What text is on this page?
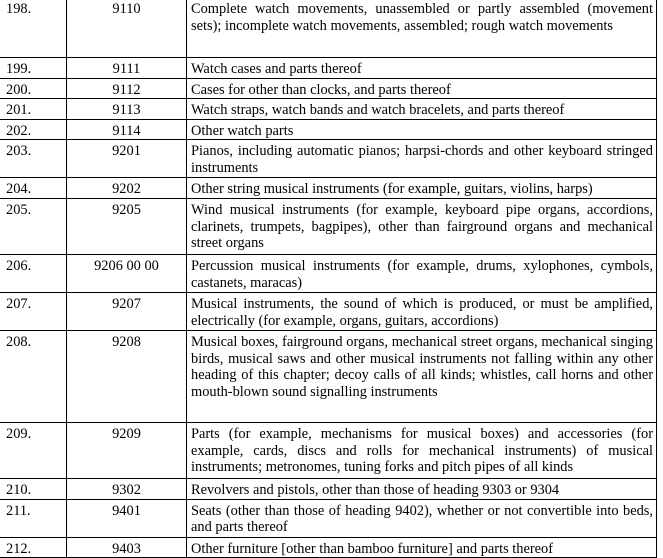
198.	9110	Complete watch movements, unassembled or partly assembled (movement sets); incomplete watch movements, assembled; rough watch movements
199.	9111	Watch cases and parts thereof
200.	9112	Cases for other than clocks, and parts thereof
201.	9113	Watch straps, watch bands and watch bracelets, and parts thereof
202.	9114	Other watch parts
203.	9201	Pianos, including automatic pianos; harpsi-chords and other keyboard stringed instruments
204.	9202	Other string musical instruments (for example, guitars, violins, harps)
205.	9205	Wind musical instruments (for example, keyboard pipe organs, accordions, clarinets, trumpets, bagpipes), other than fairground organs and mechanical street organs
206.	9206 00 00	Percussion musical instruments (for example, drums, xylophones, cymbols, castanets, maracas)
207.	9207	Musical instruments, the sound of which is produced, or must be amplified, electrically (for example, organs, guitars, accordions)
208.	9208	Musical boxes, fairground organs, mechanical street organs, mechanical singing birds, musical saws and other musical instruments not falling within any other heading of this chapter; decoy calls of all kinds; whistles, call horns and other mouth-blown sound signalling instruments
209.	9209	Parts (for example, mechanisms for musical boxes) and accessories (for example, cards, discs and rolls for mechanical instruments) of musical instruments; metronomes, tuning forks and pitch pipes of all kinds
210.	9302	Revolvers and pistols, other than those of heading 9303 or 9304
211.	9401	Seats (other than those of heading 9402), whether or not convertible into beds, and parts thereof
212.	9403	Other furniture [other than bamboo furniture] and parts thereof
